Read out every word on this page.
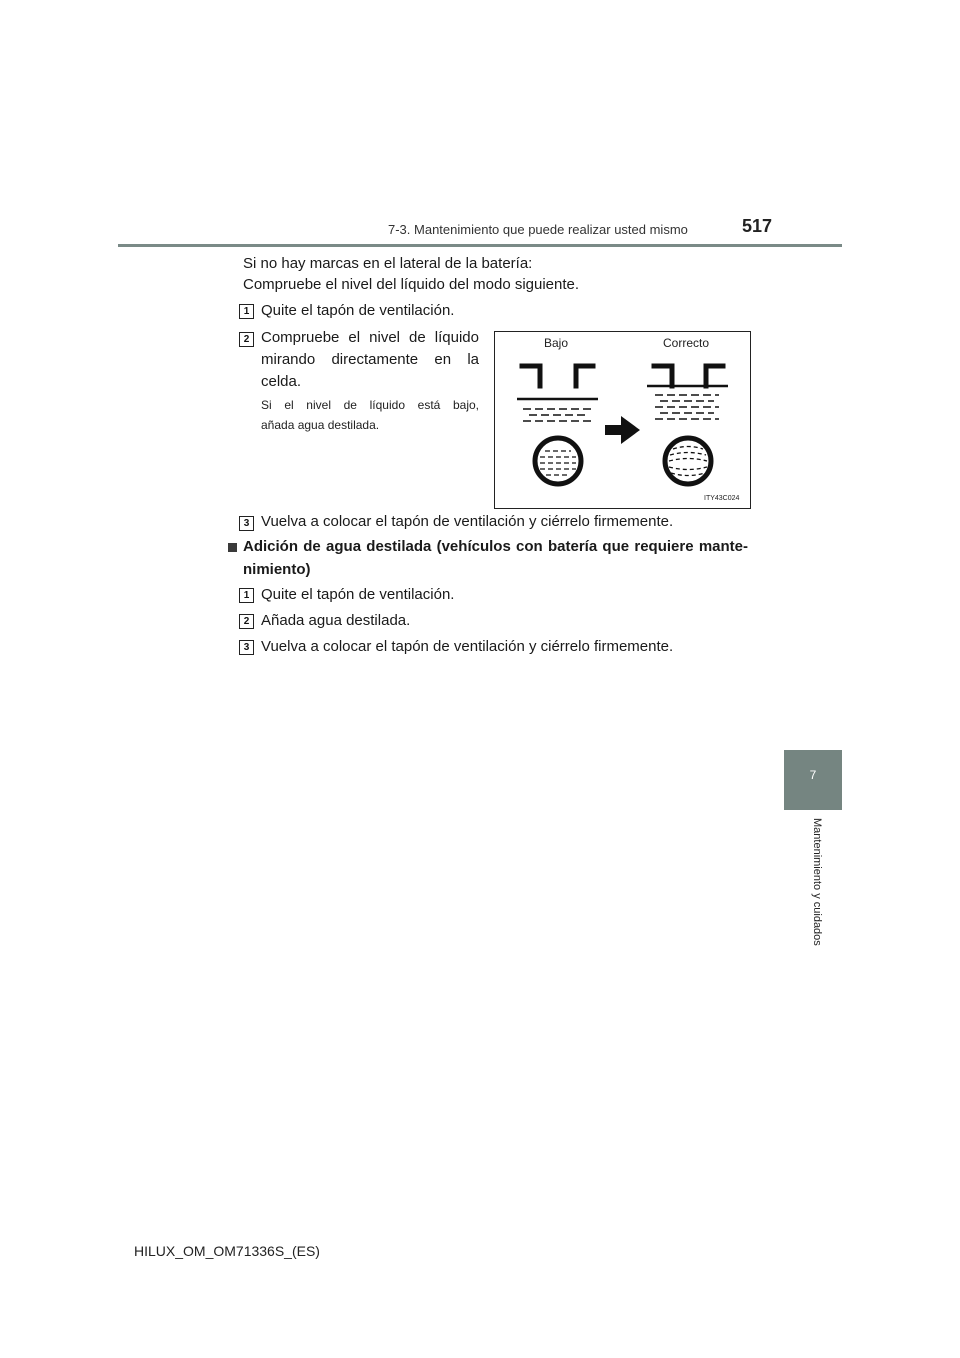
7-3. Mantenimiento que puede realizar usted mismo	517
7
Mantenimiento y cuidados
Si no hay marcas en el lateral de la batería:
Compruebe el nivel del líquido del modo siguiente.
1 Quite el tapón de ventilación.
2 Compruebe el nivel de líquido
mirando directamente en la
celda.
Si el nivel de líquido está bajo,
añada agua destilada.
Bajo	Correcto
ITY43C024
3 Vuelva a colocar el tapón de ventilación y ciérrelo firmemente.
Adición de agua destilada (vehículos con batería que requiere mante-
nimiento)
1 Quite el tapón de ventilación.
2 Añada agua destilada.
3 Vuelva a colocar el tapón de ventilación y ciérrelo firmemente.
HILUX_OM_OM71336S_(ES)
